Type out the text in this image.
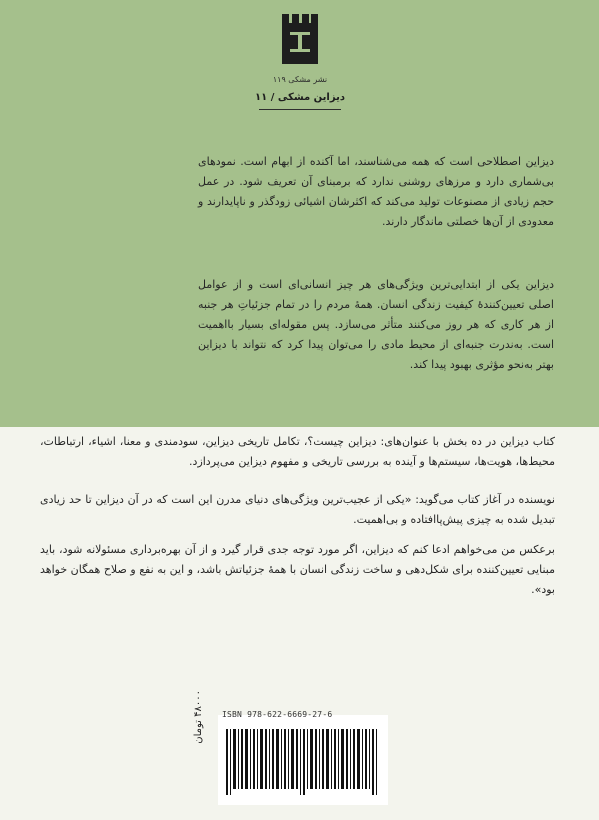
نشر مشکی ۱۱۹
دیزاین مشکی / ۱۱
دیزاین اصطلاحی است که همه می‌شناسند، اما آکنده از ابهام است. نمودهای بی‌شماری دارد و مرزهای روشنی ندارد که برمبنای آن تعریف شود. در عمل حجم زیادی از مصنوعات تولید می‌کند که اکثرشان اشیائی زودگذر و ناپایدارند و معدودی از آن‌ها خصلتی ماندگار دارند.
دیزاین یکی از ابتدایی‌ترین ویژگی‌های هر چیز انسانی‌ای است و از عوامل اصلی تعیین‌کنندهٔ کیفیت زندگی انسان. همهٔ مردم را در تمام جزئیاتِ هر جنبه از هر کاری که هر روز می‌کنند متأثر می‌سازد. پس مقوله‌ای بسیار بااهمیت است. به‌ندرت جنبه‌ای از محیط مادی را می‌توان پیدا کرد که نتواند با دیزاین بهتر به‌نحو مؤثری بهبود پیدا کند.
کتاب دیزاین در ده بخش با عنوان‌های: دیزاین چیست؟، تکامل تاریخی دیزاین، سودمندی و معنا، اشیاء، ارتباطات، محیط‌ها، هویت‌ها، سیستم‌ها و آینده به بررسی تاریخی و مفهوم دیزاین می‌پردازد.
نویسنده در آغاز کتاب می‌گوید: «یکی از عجیب‌ترین ویژگی‌های دنیای مدرن این است که در آن دیزاین تا حد زیادی تبدیل شده به چیزی پیش‌پاافتاده و بی‌اهمیت.
برعکس من می‌خواهم ادعا کنم که دیزاین، اگر مورد توجه جدی قرار گیرد و از آن بهره‌برداری مسئولانه شود، باید مبنایی تعیین‌کننده برای شکل‌دهی و ساخت زندگی انسان با همهٔ جزئیاتش باشد، و این به نفع و صلاح همگان خواهد بود».
ISBN 978-622-6669-27-6
۴۸۰۰۰ تومان
